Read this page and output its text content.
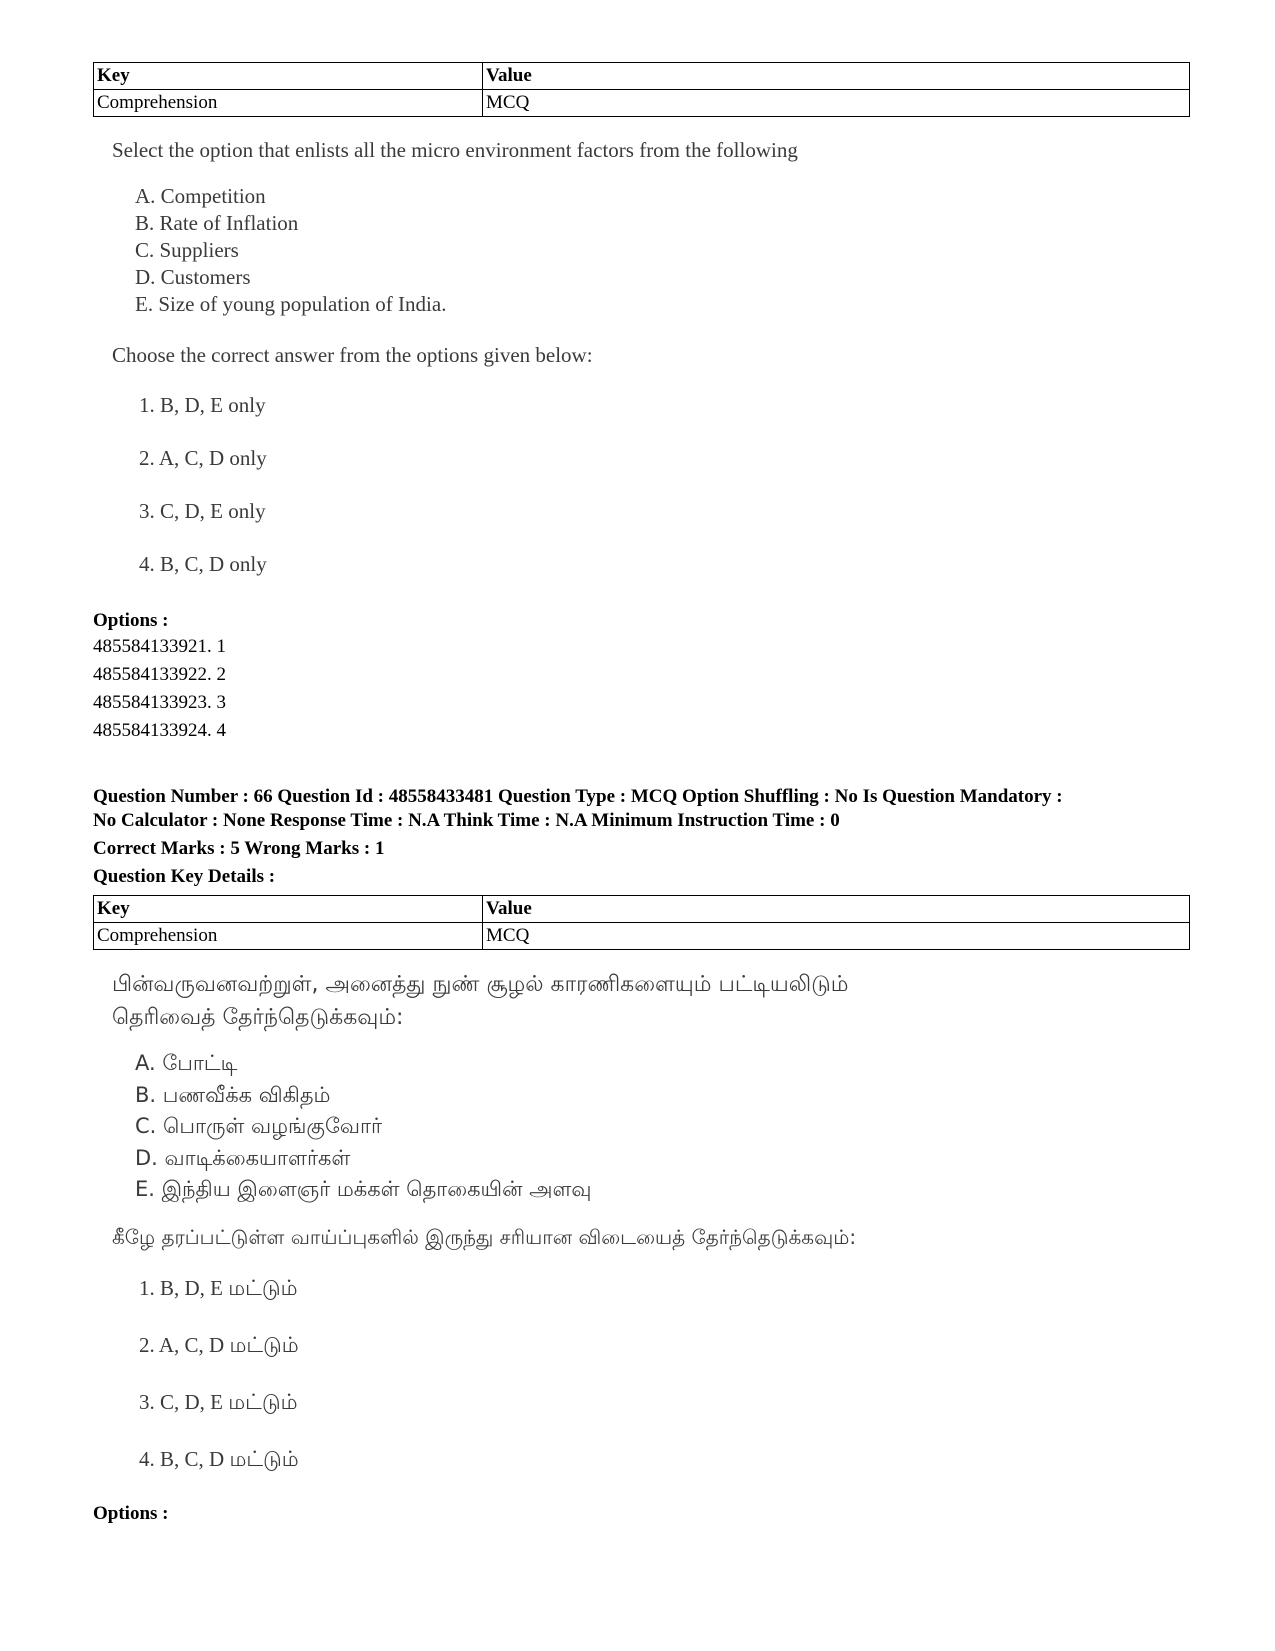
Key	Value
Comprehension	MCQ
Select the option that enlists all the micro environment factors from the following
A. Competition
B. Rate of Inflation
C. Suppliers
D. Customers
E. Size of young population of India.
Choose the correct answer from the options given below:
1. B, D, E only
2. A, C, D only
3. C, D, E only
4. B, C, D only
Options :
485584133921. 1
485584133922. 2
485584133923. 3
485584133924. 4
Question Number : 66 Question Id : 48558433481 Question Type : MCQ Option Shuffling : No Is Question Mandatory :
No Calculator : None Response Time : N.A Think Time : N.A Minimum Instruction Time : 0
Correct Marks : 5 Wrong Marks : 1
Question Key Details :
Key	Value
Comprehension	MCQ
பின்வருவனவற்றுள், அனைத்து நுண் சூழல் காரணிகளையும் பட்டியலிடும்
தெரிவைத் தேர்ந்தெடுக்கவும்:
A. போட்டி
B. பணவீக்க விகிதம்
C. பொருள் வழங்குவோர்
D. வாடிக்கையாளர்கள்
E. இந்திய இளைஞர் மக்கள் தொகையின் அளவு
கீழே தரப்பட்டுள்ள வாய்ப்புகளில் இருந்து சரியான விடையைத் தேர்ந்தெடுக்கவும்:
1. B, D, E மட்டும்
2. A, C, D மட்டும்
3. C, D, E மட்டும்
4. B, C, D மட்டும்
Options :
